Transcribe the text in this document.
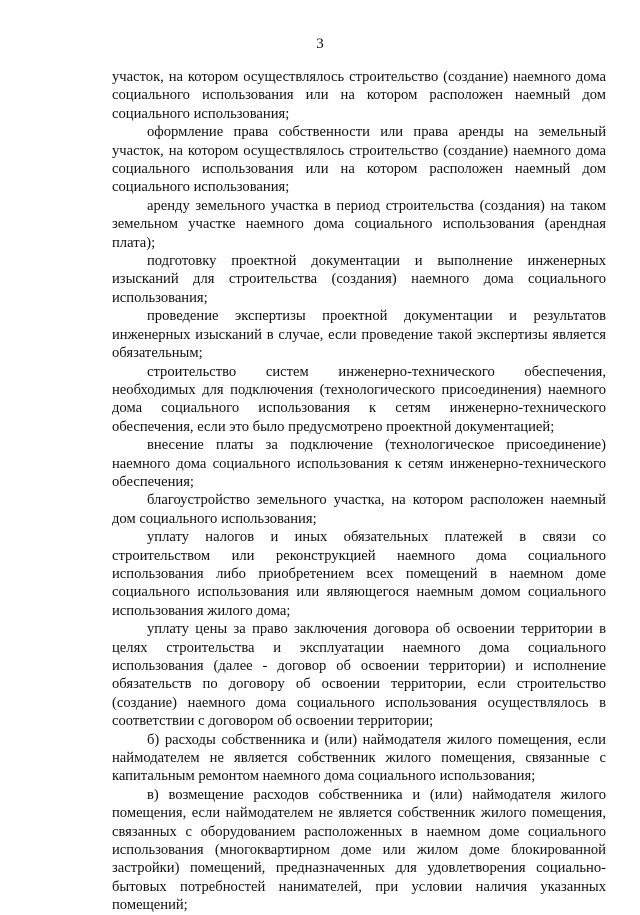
3

участок, на котором осуществлялось строительство (создание) наемного дома социального использования или на котором расположен наемный дом социального использования;

оформление права собственности или права аренды на земельный участок, на котором осуществлялось строительство (создание) наемного дома социального использования или на котором расположен наемный дом социального использования;

аренду земельного участка в период строительства (создания) на таком земельном участке наемного дома социального использования (арендная плата);

подготовку проектной документации и выполнение инженерных изысканий для строительства (создания) наемного дома социального использования;

проведение экспертизы проектной документации и результатов инженерных изысканий в случае, если проведение такой экспертизы является обязательным;

строительство систем инженерно-технического обеспечения, необходимых для подключения (технологического присоединения) наемного дома социального использования к сетям инженерно-технического обеспечения, если это было предусмотрено проектной документацией;

внесение платы за подключение (технологическое присоединение) наемного дома социального использования к сетям инженерно-технического обеспечения;

благоустройство земельного участка, на котором расположен наемный дом социального использования;

уплату налогов и иных обязательных платежей в связи со строительством или реконструкцией наемного дома социального использования либо приобретением всех помещений в наемном доме социального использования или являющегося наемным домом социального использования жилого дома;

уплату цены за право заключения договора об освоении территории в целях строительства и эксплуатации наемного дома социального использования (далее - договор об освоении территории) и исполнение обязательств по договору об освоении территории, если строительство (создание) наемного дома социального использования осуществлялось в соответствии с договором об освоении территории;

б) расходы собственника и (или) наймодателя жилого помещения, если наймодателем не является собственник жилого помещения, связанные с капитальным ремонтом наемного дома социального использования;

в) возмещение расходов собственника и (или) наймодателя жилого помещения, если наймодателем не является собственник жилого помещения, связанных с оборудованием расположенных в наемном доме социального использования (многоквартирном доме или жилом доме блокированной застройки) помещений, предназначенных для удовлетворения социально-бытовых потребностей нанимателей, при условии наличия указанных помещений;
